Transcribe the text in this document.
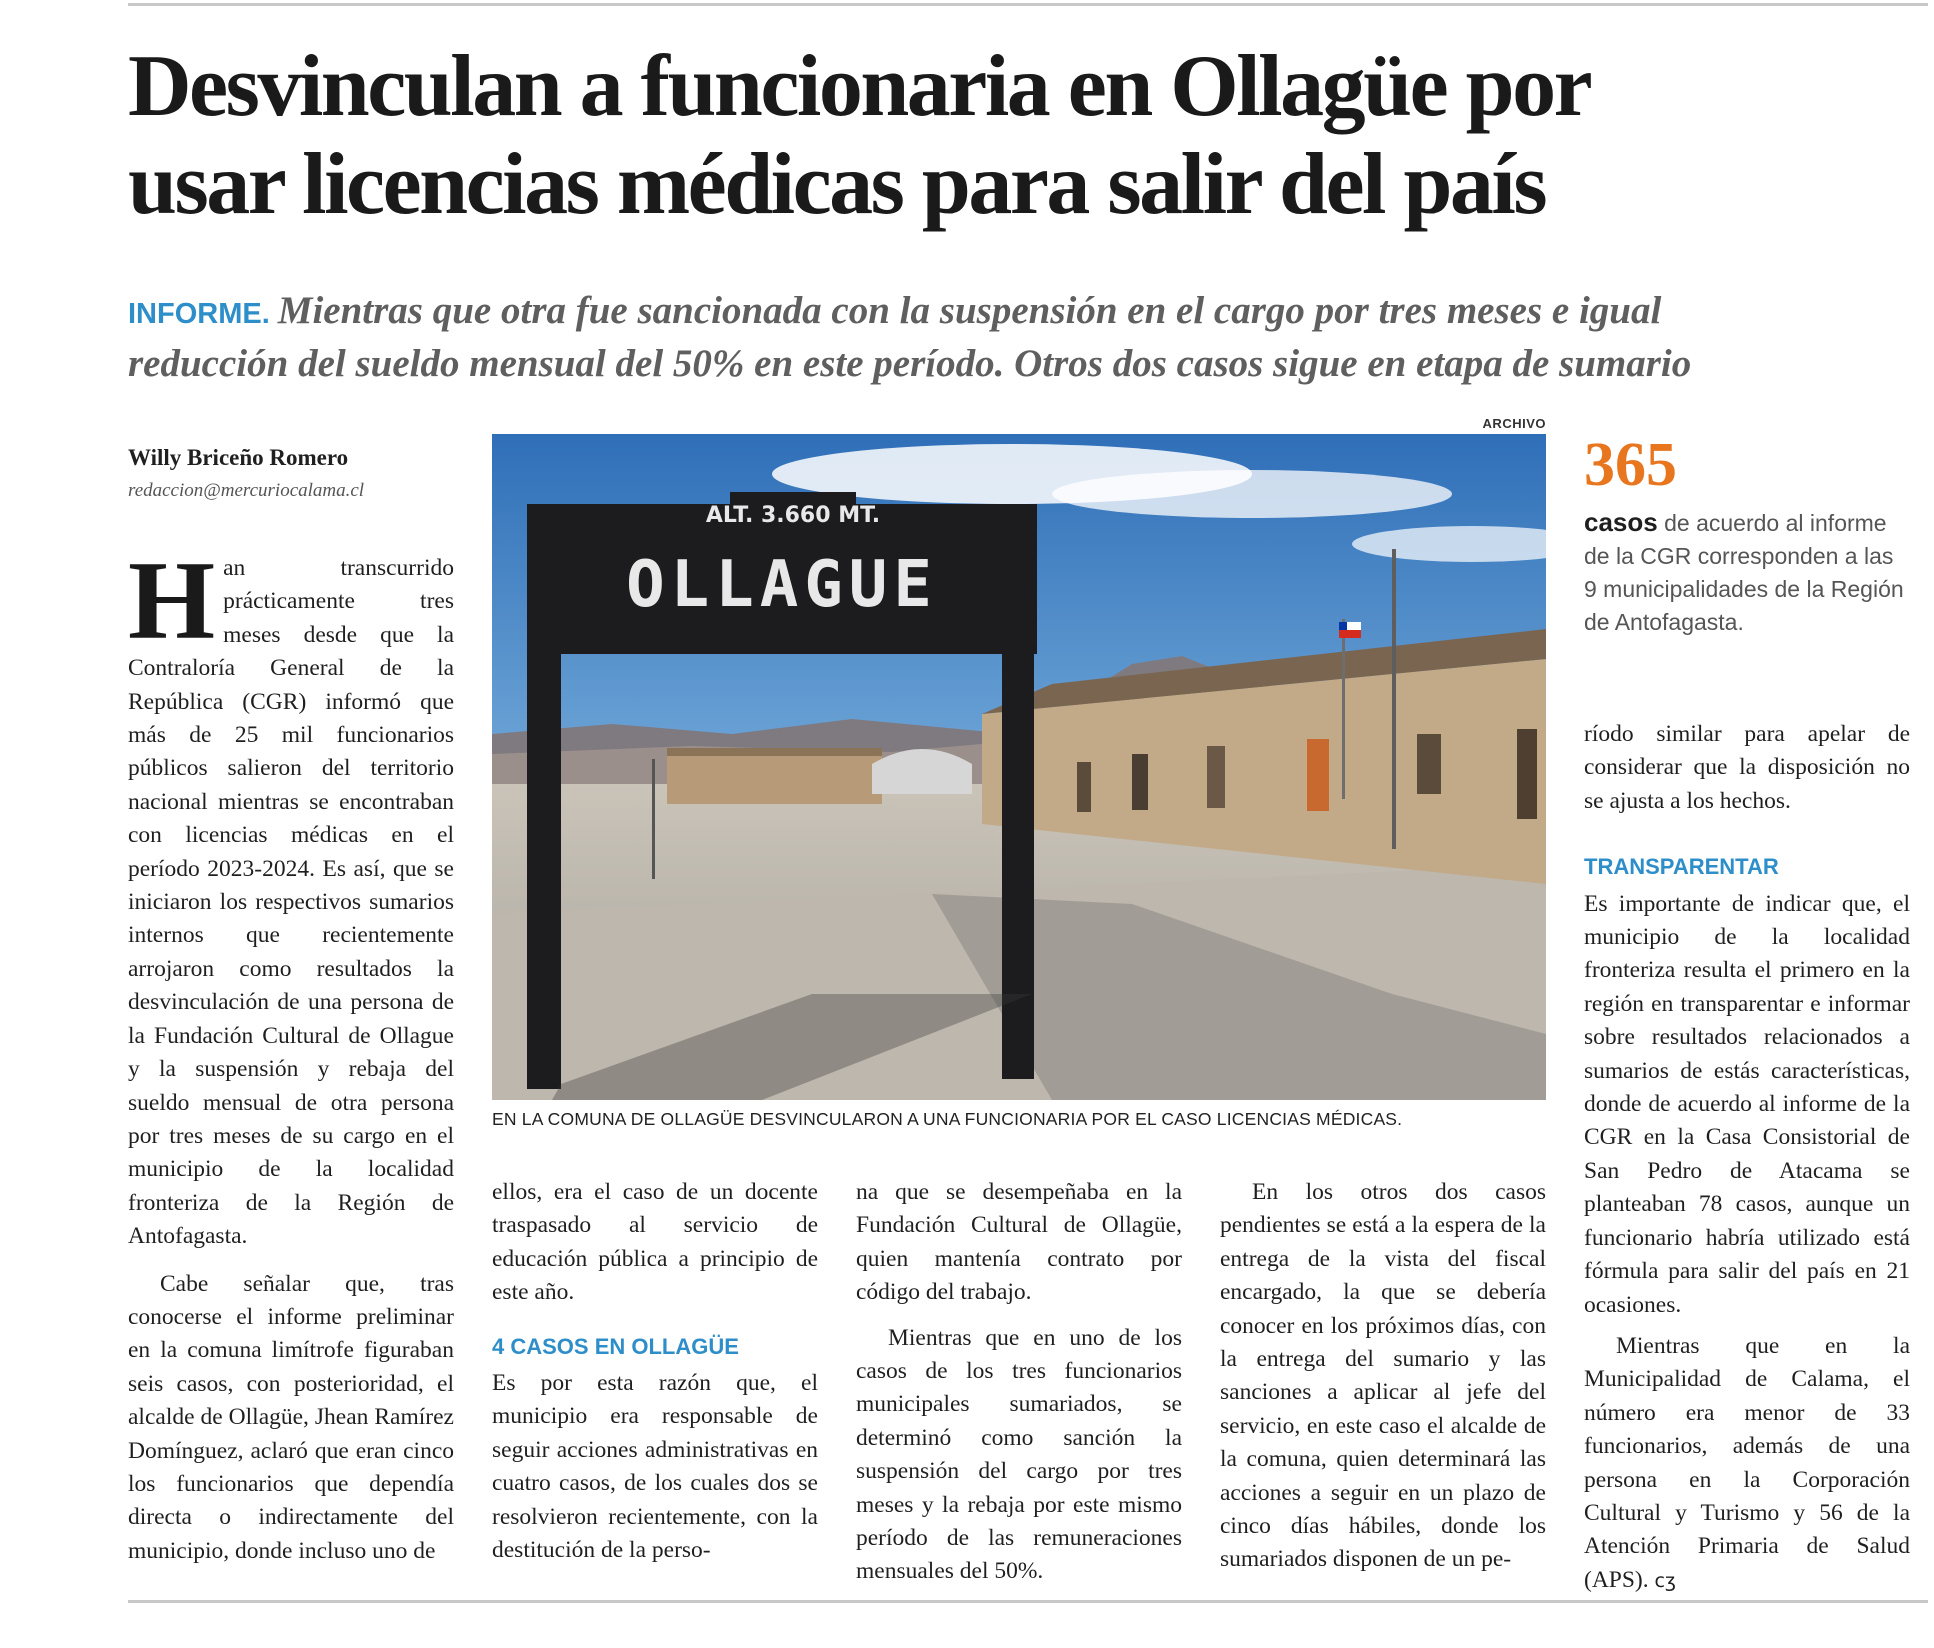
Desvinculan a funcionaria en Ollagüe por
usar licencias médicas para salir del país
INFORME. Mientras que otra fue sancionada con la suspensión en el cargo por tres meses e igual
reducción del sueldo mensual del 50% en este período. Otros dos casos sigue en etapa de sumario
Willy Briceño Romero
redaccion@mercuriocalama.cl

Han transcurrido prácticamente tres meses desde que la Contraloría General de la República (CGR) informó que más de 25 mil funcionarios públicos salieron del territorio nacional mientras se encontraban con licencias médicas en el período 2023-2024. Es así, que se iniciaron los respectivos sumarios internos que recientemente arrojaron como resultados la desvinculación de una persona de la Fundación Cultural de Ollague y la suspensión y rebaja del sueldo mensual de otra persona por tres meses de su cargo en el municipio de la localidad fronteriza de la Región de Antofagasta.

Cabe señalar que, tras conocerse el informe preliminar en la comuna limítrofe figuraban seis casos, con posterioridad, el alcalde de Ollagüe, Jhean Ramírez Domínguez, aclaró que eran cinco los funcionarios que dependía directa o indirectamente del municipio, donde incluso uno de

ARCHIVO
ALT. 3.660 MT.
OLLAGUE
EN LA COMUNA DE OLLAGÜE DESVINCULARON A UNA FUNCIONARIA POR EL CASO LICENCIAS MÉDICAS.

ellos, era el caso de un docente traspasado al servicio de educación pública a principio de este año.

4 CASOS EN OLLAGÜE

Es por esta razón que, el municipio era responsable de seguir acciones administrativas en cuatro casos, de los cuales dos se resolvieron recientemente, con la destitución de la perso-

na que se desempeñaba en la Fundación Cultural de Ollagüe, quien mantenía contrato por código del trabajo.

Mientras que en uno de los casos de los tres funcionarios municipales sumariados, se determinó como sanción la suspensión del cargo por tres meses y la rebaja por este mismo período de las remuneraciones mensuales del 50%.

En los otros dos casos pendientes se está a la espera de la entrega de la vista del fiscal encargado, la que se debería conocer en los próximos días, con la entrega del sumario y las sanciones a aplicar al jefe del servicio, en este caso el alcalde de la comuna, quien determinará las acciones a seguir en un plazo de cinco días hábiles, donde los sumariados disponen de un pe-

365
casos de acuerdo al informe de la CGR corresponden a las 9 municipalidades de la Región de Antofagasta.

ríodo similar para apelar de considerar que la disposición no se ajusta a los hechos.

TRANSPARENTAR

Es importante de indicar que, el municipio de la localidad fronteriza resulta el primero en la región en transparentar e informar sobre resultados relacionados a sumarios de estás características, donde de acuerdo al informe de la CGR en la Casa Consistorial de San Pedro de Atacama se planteaban 78 casos, aunque un funcionario habría utilizado está fórmula para salir del país en 21 ocasiones.

Mientras que en la Municipalidad de Calama, el número era menor de 33 funcionarios, además de una persona en la Corporación Cultural y Turismo y 56 de la Atención Primaria de Salud (APS). ᴄʒ
